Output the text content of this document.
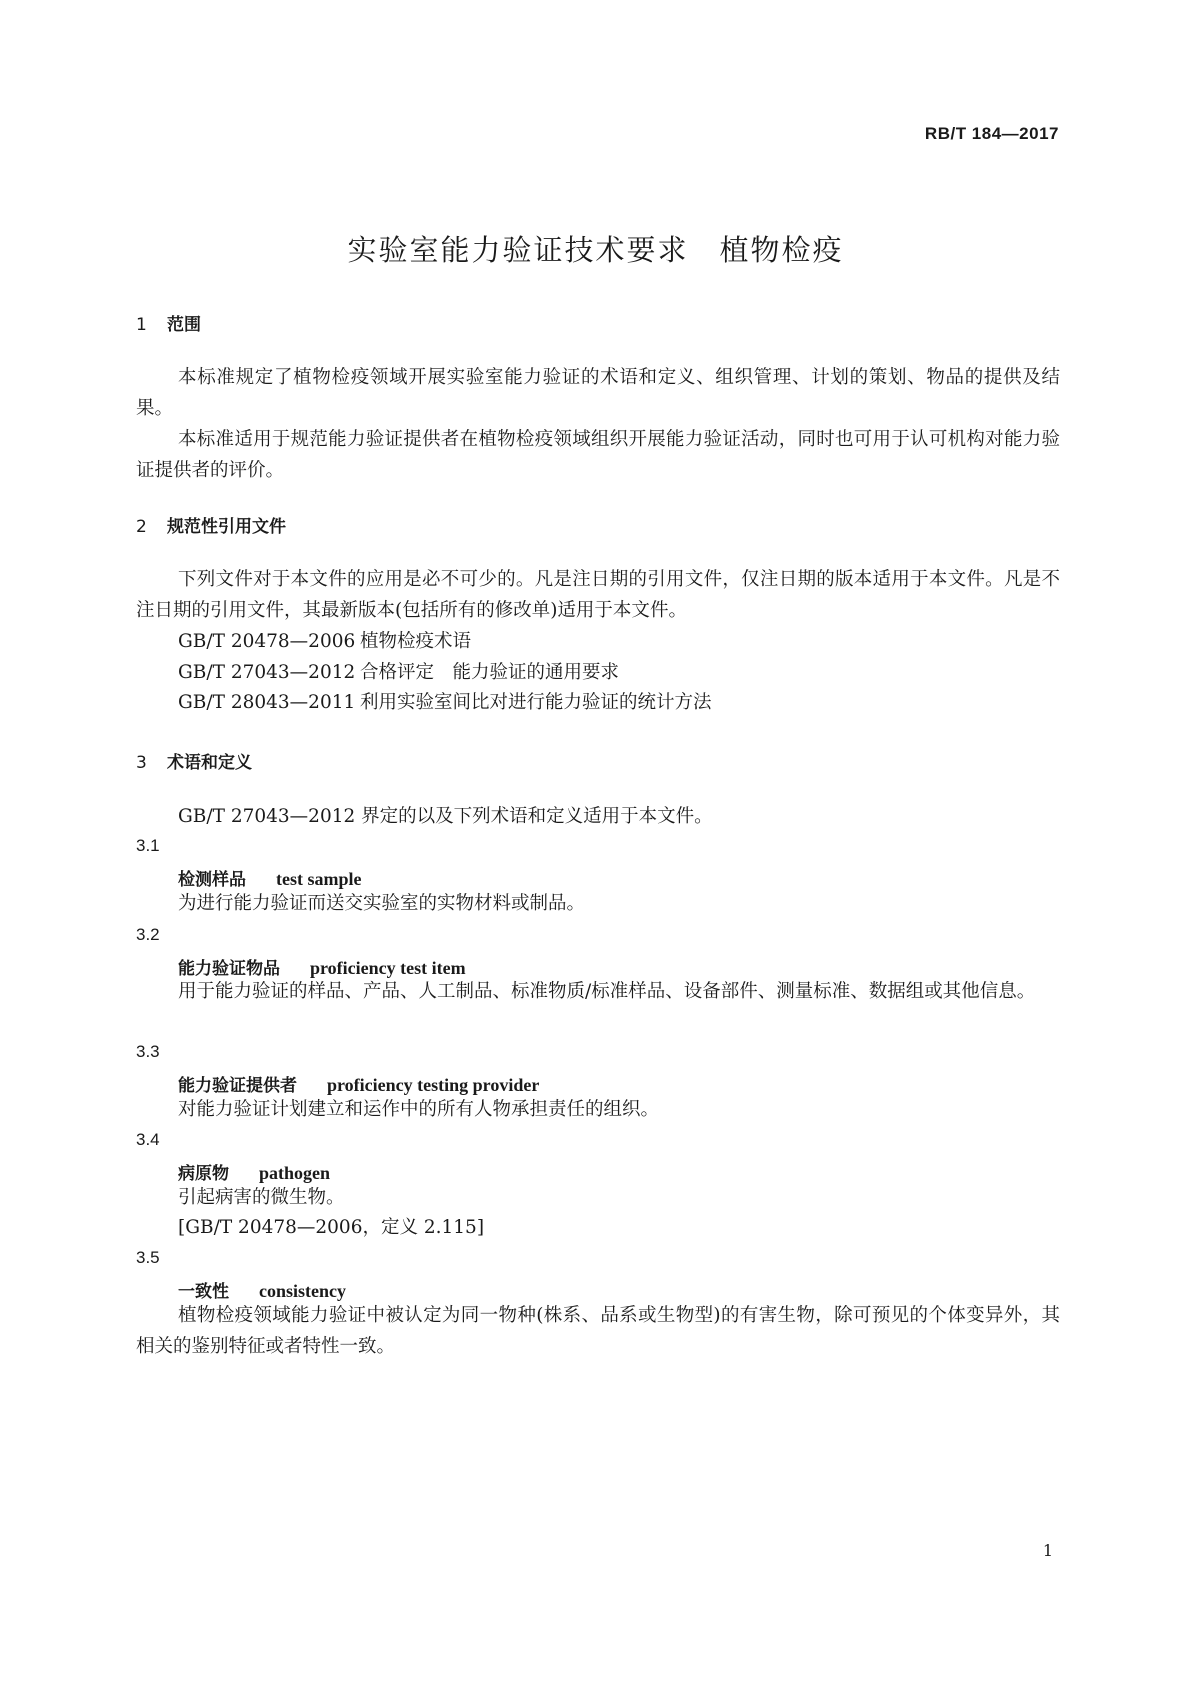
RB/T 184—2017
实验室能力验证技术要求　植物检疫
1 范围
本标准规定了植物检疫领域开展实验室能力验证的术语和定义、组织管理、计划的策划、物品的提供及结果。
本标准适用于规范能力验证提供者在植物检疫领域组织开展能力验证活动，同时也可用于认可机构对能力验证提供者的评价。
2 规范性引用文件
下列文件对于本文件的应用是必不可少的。凡是注日期的引用文件，仅注日期的版本适用于本文件。凡是不注日期的引用文件，其最新版本(包括所有的修改单)适用于本文件。
GB/T 20478—2006 植物检疫术语
GB/T 27043—2012 合格评定　能力验证的通用要求
GB/T 28043—2011 利用实验室间比对进行能力验证的统计方法
3 术语和定义
GB/T 27043—2012 界定的以及下列术语和定义适用于本文件。
3.1
检测样品 test sample
为进行能力验证而送交实验室的实物材料或制品。
3.2
能力验证物品 proficiency test item
用于能力验证的样品、产品、人工制品、标准物质/标准样品、设备部件、测量标准、数据组或其他信息。
3.3
能力验证提供者 proficiency testing provider
对能力验证计划建立和运作中的所有人物承担责任的组织。
3.4
病原物 pathogen
引起病害的微生物。
[GB/T 20478—2006，定义 2.115]
3.5
一致性 consistency
植物检疫领域能力验证中被认定为同一物种(株系、品系或生物型)的有害生物，除可预见的个体变异外，其相关的鉴别特征或者特性一致。
1
